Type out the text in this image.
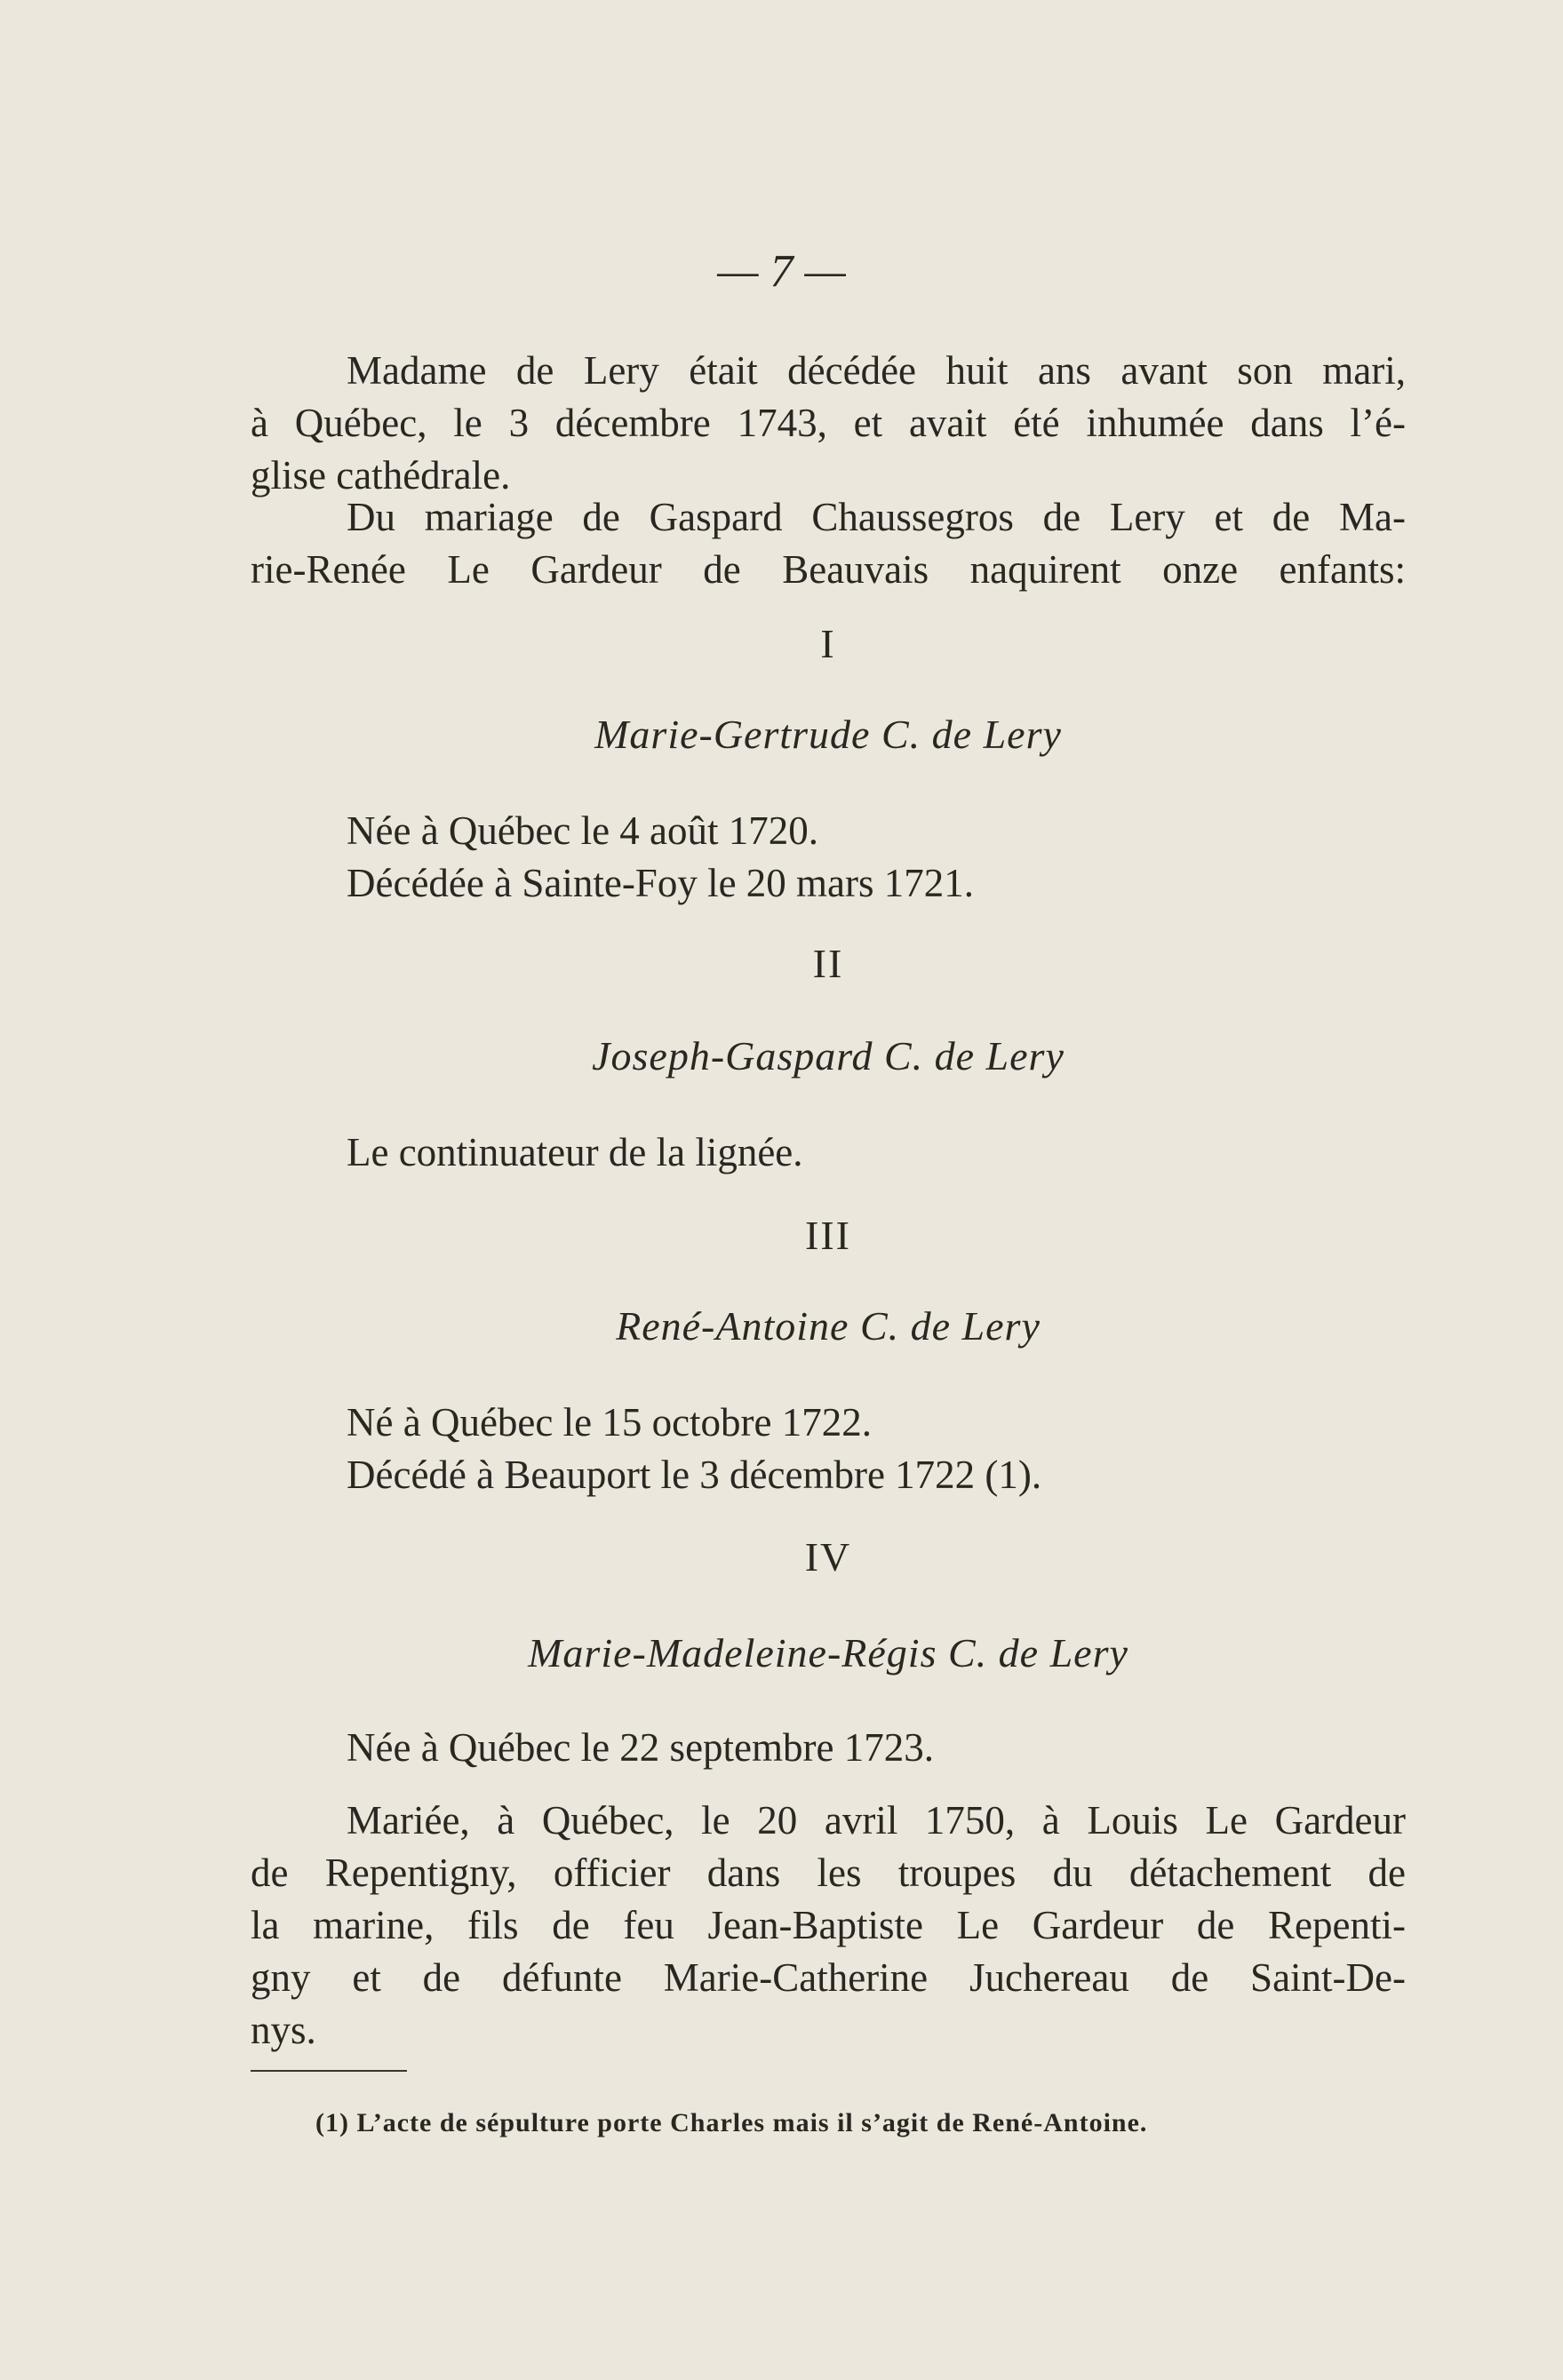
— 7 —

Madame de Lery était décédée huit ans avant son mari,
à Québec, le 3 décembre 1743, et avait été inhumée dans l’é-
glise cathédrale.

Du mariage de Gaspard Chaussegros de Lery et de Ma-
rie-Renée Le Gardeur de Beauvais naquirent onze enfants:

I
Marie-Gertrude C. de Lery

Née à Québec le 4 août 1720.

Décédée à Sainte-Foy le 20 mars 1721.

II
Joseph-Gaspard C. de Lery

Le continuateur de la lignée.

III
René-Antoine C. de Lery

Né à Québec le 15 octobre 1722.

Décédé à Beauport le 3 décembre 1722 (1).

IV
Marie-Madeleine-Régis C. de Lery

Née à Québec le 22 septembre 1723.

Mariée, à Québec, le 20 avril 1750, à Louis Le Gardeur
de Repentigny, officier dans les troupes du détachement de
la marine, fils de feu Jean-Baptiste Le Gardeur de Repenti-
gny et de défunte Marie-Catherine Juchereau de Saint-De-
nys.

(1) L’acte de sépulture porte Charles mais il s’agit de René-Antoine.
